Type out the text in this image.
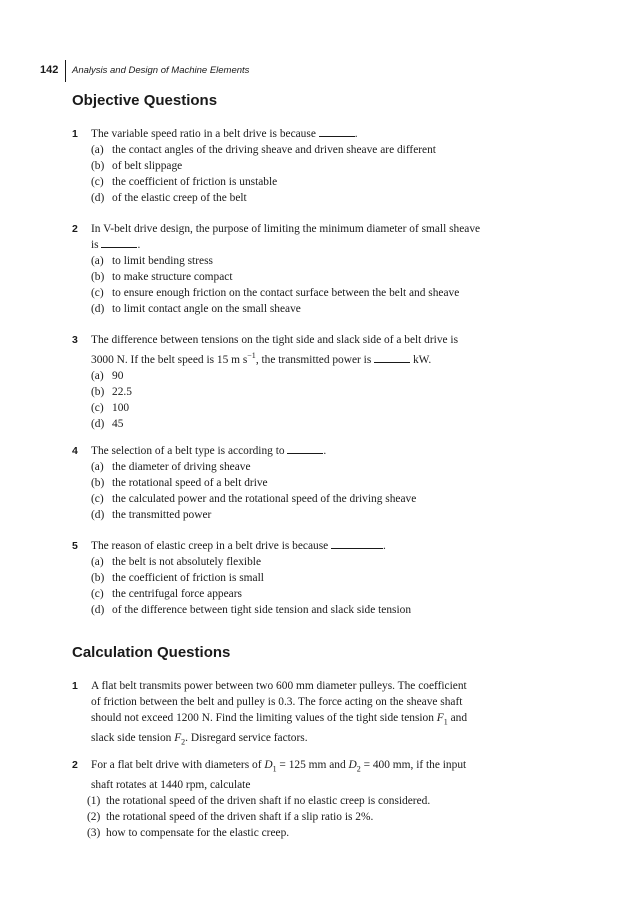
142 Analysis and Design of Machine Elements
Objective Questions
1 The variable speed ratio in a belt drive is because	.
(a) the contact angles of the driving sheave and driven sheave are different
(b) of belt slippage
(c) the coefficient of friction is unstable
(d) of the elastic creep of the belt
2 In V-belt drive design, the purpose of limiting the minimum diameter of small sheave
is	.
(a) to limit bending stress
(b) to make structure compact
(c) to ensure enough friction on the contact surface between the belt and sheave
(d) to limit contact angle on the small sheave
3 The difference between tensions on the tight side and slack side of a belt drive is
3000 N. If the belt speed is 15 m $s^{-1}$, the transmitted power is	kW.
(a) 90
(b) 22.5
(c) 100
(d) 45
4 The selection of a belt type is according to	.
(a) the diameter of driving sheave
(b) the rotational speed of a belt drive
(c) the calculated power and the rotational speed of the driving sheave
(d) the transmitted power
5 The reason of elastic creep in a belt drive is because	.
(a) the belt is not absolutely flexible
(b) the coefficient of friction is small
(c) the centrifugal force appears
(d) of the difference between tight side tension and slack side tension
Calculation Questions
1 A flat belt transmits power between two 600 mm diameter pulleys. The coefficient
of friction between the belt and pulley is 0.3. The force acting on the sheave shaft
should not exceed 1200 N. Find the limiting values of the tight side tension $F_1$ and
slack side tension $F_2$. Disregard service factors.
2 For a flat belt drive with diameters of $D_1 = 125$ mm and $D_2 = 400$ mm, if the input
shaft rotates at 1440 rpm, calculate
(1) the rotational speed of the driven shaft if no elastic creep is considered.
(2) the rotational speed of the driven shaft if a slip ratio is 2%.
(3) how to compensate for the elastic creep.
